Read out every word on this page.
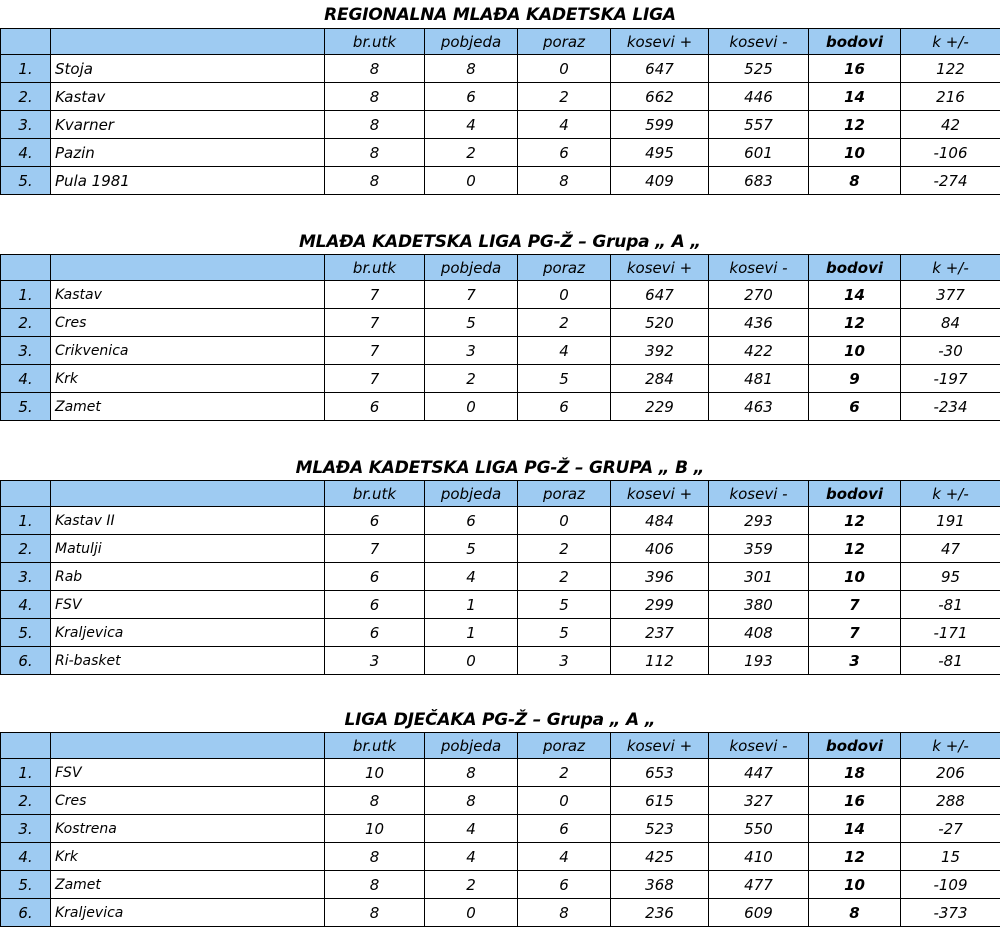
REGIONALNA MLAĐA KADETSKA LIGA
		br.utk	pobjeda	poraz	kosevi +	kosevi -	bodovi	k +/-
1.	Stoja	8	8	0	647	525	16	122
2.	Kastav	8	6	2	662	446	14	216
3.	Kvarner	8	4	4	599	557	12	42
4.	Pazin	8	2	6	495	601	10	-106
5.	Pula 1981	8	0	8	409	683	8	-274
MLAĐA KADETSKA LIGA PG-Ž – Grupa „ A „
		br.utk	pobjeda	poraz	kosevi +	kosevi -	bodovi	k +/-
1.	Kastav	7	7	0	647	270	14	377
2.	Cres	7	5	2	520	436	12	84
3.	Crikvenica	7	3	4	392	422	10	-30
4.	Krk	7	2	5	284	481	9	-197
5.	Zamet	6	0	6	229	463	6	-234
MLAĐA KADETSKA LIGA PG-Ž – GRUPA „ B „
		br.utk	pobjeda	poraz	kosevi +	kosevi -	bodovi	k +/-
1.	Kastav II	6	6	0	484	293	12	191
2.	Matulji	7	5	2	406	359	12	47
3.	Rab	6	4	2	396	301	10	95
4.	FSV	6	1	5	299	380	7	-81
5.	Kraljevica	6	1	5	237	408	7	-171
6.	Ri-basket	3	0	3	112	193	3	-81
LIGA DJEČAKA PG-Ž – Grupa „ A „
		br.utk	pobjeda	poraz	kosevi +	kosevi -	bodovi	k +/-
1.	FSV	10	8	2	653	447	18	206
2.	Cres	8	8	0	615	327	16	288
3.	Kostrena	10	4	6	523	550	14	-27
4.	Krk	8	4	4	425	410	12	15
5.	Zamet	8	2	6	368	477	10	-109
6.	Kraljevica	8	0	8	236	609	8	-373
